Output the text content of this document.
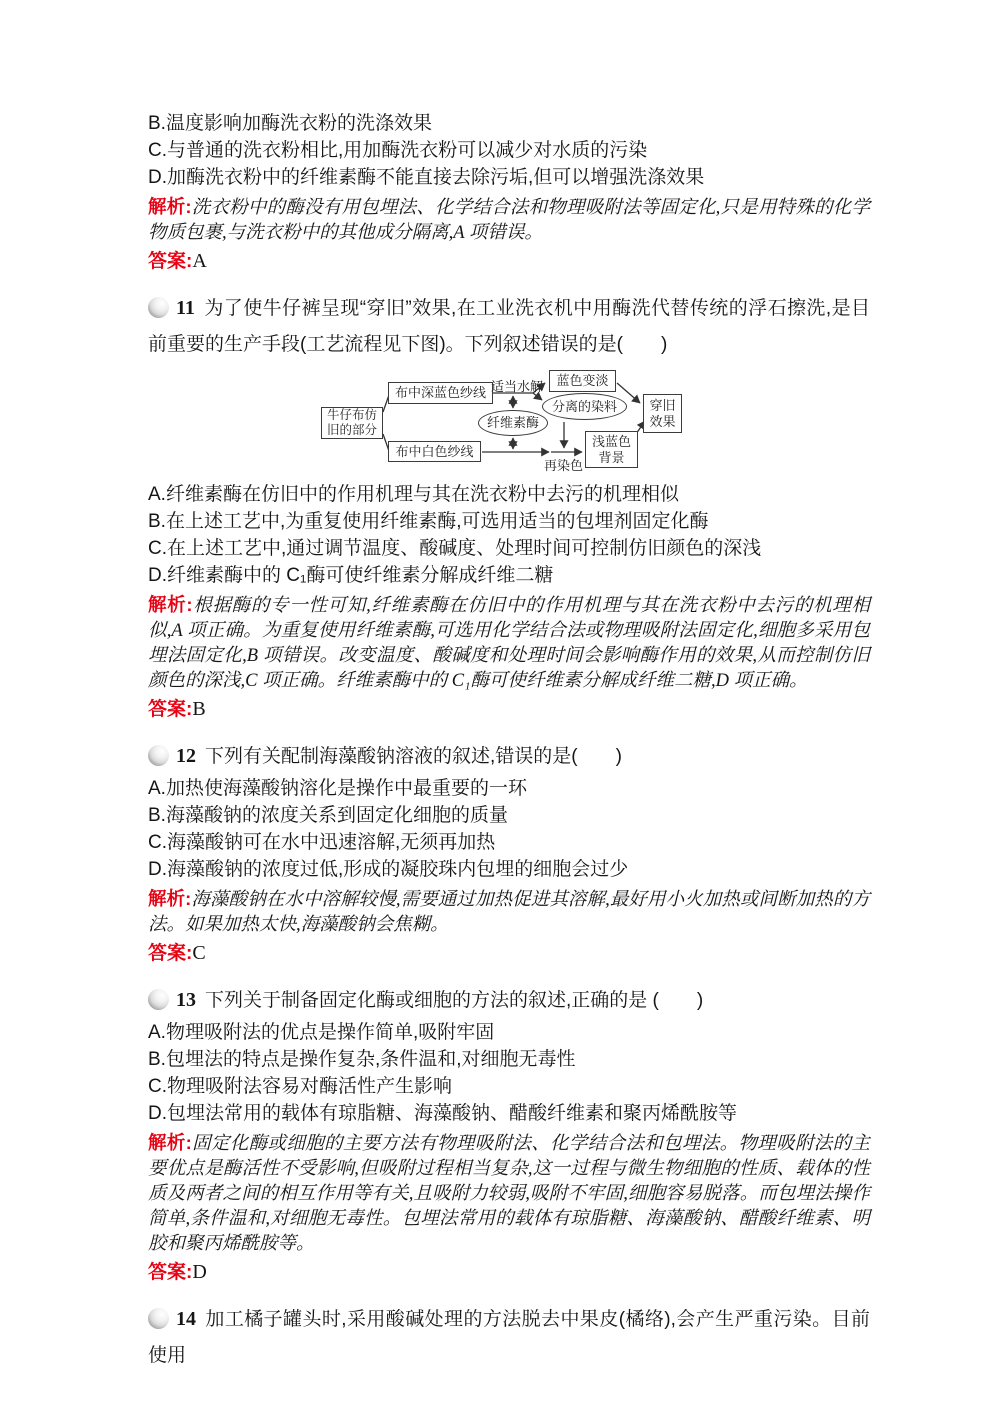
B.温度影响加酶洗衣粉的洗涤效果

C.与普通的洗衣粉相比,用加酶洗衣粉可以减少对水质的污染

D.加酶洗衣粉中的纤维素酶不能直接去除污垢,但可以增强洗涤效果

解析:洗衣粉中的酶没有用包埋法、化学结合法和物理吸附法等固定化,只是用特殊的化学物质包裹,与洗衣粉中的其他成分隔离,A 项错误。

答案:A

11 为了使牛仔裤呈现“穿旧”效果,在工业洗衣机中用酶洗代替传统的浮石擦洗,是目前重要的生产手段(工艺流程见下图)。下列叙述错误的是(　　)

牛仔布仿
旧的部分
布中深蓝色纱线
布中白色纱线
纤维素酶
蓝色变淡
分离的染料
浅蓝色
背景
穿旧
效果
适当水解
再染色

A.纤维素酶在仿旧中的作用机理与其在洗衣粉中去污的机理相似

B.在上述工艺中,为重复使用纤维素酶,可选用适当的包埋剂固定化酶

C.在上述工艺中,通过调节温度、酸碱度、处理时间可控制仿旧颜色的深浅

D.纤维素酶中的 C₁酶可使纤维素分解成纤维二糖

解析:根据酶的专一性可知,纤维素酶在仿旧中的作用机理与其在洗衣粉中去污的机理相似,A 项正确。为重复使用纤维素酶,可选用化学结合法或物理吸附法固定化,细胞多采用包埋法固定化,B 项错误。改变温度、酸碱度和处理时间会影响酶作用的效果,从而控制仿旧颜色的深浅,C 项正确。纤维素酶中的 C₁酶可使纤维素分解成纤维二糖,D 项正确。

答案:B

12 下列有关配制海藻酸钠溶液的叙述,错误的是(　　)

A.加热使海藻酸钠溶化是操作中最重要的一环

B.海藻酸钠的浓度关系到固定化细胞的质量

C.海藻酸钠可在水中迅速溶解,无须再加热

D.海藻酸钠的浓度过低,形成的凝胶珠内包埋的细胞会过少

解析:海藻酸钠在水中溶解较慢,需要通过加热促进其溶解,最好用小火加热或间断加热的方法。如果加热太快,海藻酸钠会焦糊。

答案:C

13 下列关于制备固定化酶或细胞的方法的叙述,正确的是 (　　)

A.物理吸附法的优点是操作简单,吸附牢固

B.包埋法的特点是操作复杂,条件温和,对细胞无毒性

C.物理吸附法容易对酶活性产生影响

D.包埋法常用的载体有琼脂糖、海藻酸钠、醋酸纤维素和聚丙烯酰胺等

解析:固定化酶或细胞的主要方法有物理吸附法、化学结合法和包埋法。物理吸附法的主要优点是酶活性不受影响,但吸附过程相当复杂,这一过程与微生物细胞的性质、载体的性质及两者之间的相互作用等有关,且吸附力较弱,吸附不牢固,细胞容易脱落。而包埋法操作简单,条件温和,对细胞无毒性。包埋法常用的载体有琼脂糖、海藻酸钠、醋酸纤维素、明胶和聚丙烯酰胺等。

答案:D

14 加工橘子罐头时,采用酸碱处理的方法脱去中果皮(橘络),会产生严重污染。目前使用
